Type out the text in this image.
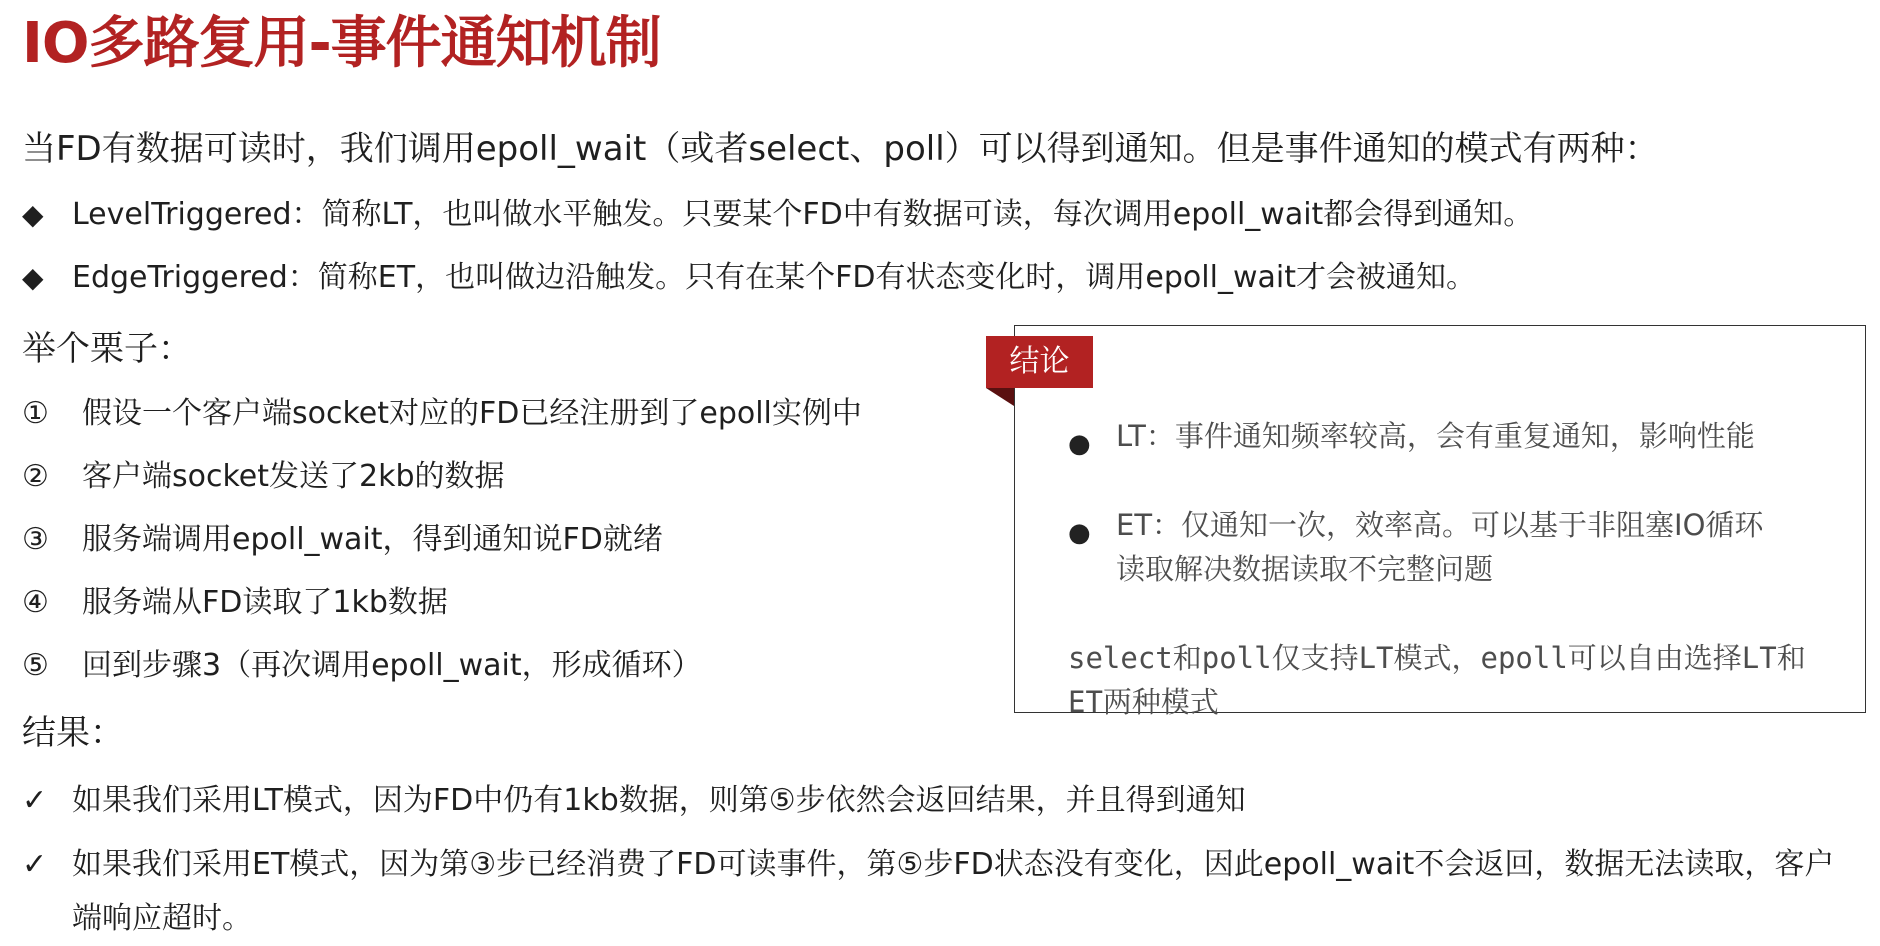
IO多路复用-事件通知机制
当FD有数据可读时，我们调用epoll_wait（或者select、poll）可以得到通知。但是事件通知的模式有两种：
◆ LevelTriggered：简称LT，也叫做水平触发。只要某个FD中有数据可读，每次调用epoll_wait都会得到通知。
◆ EdgeTriggered：简称ET，也叫做边沿触发。只有在某个FD有状态变化时，调用epoll_wait才会被通知。
举个栗子：
① 假设一个客户端socket对应的FD已经注册到了epoll实例中
② 客户端socket发送了2kb的数据
③ 服务端调用epoll_wait，得到通知说FD就绪
④ 服务端从FD读取了1kb数据
⑤ 回到步骤3（再次调用epoll_wait，形成循环）
结果：
✓ 如果我们采用LT模式，因为FD中仍有1kb数据，则第⑤步依然会返回结果，并且得到通知
✓ 如果我们采用ET模式，因为第③步已经消费了FD可读事件，第⑤步FD状态没有变化，因此epoll_wait不会返回，数据无法读取，客户端响应超时。
结论
● LT：事件通知频率较高，会有重复通知，影响性能
● ET：仅通知一次，效率高。可以基于非阻塞IO循环读取解决数据读取不完整问题
select和poll仅支持LT模式，epoll可以自由选择LT和ET两种模式
